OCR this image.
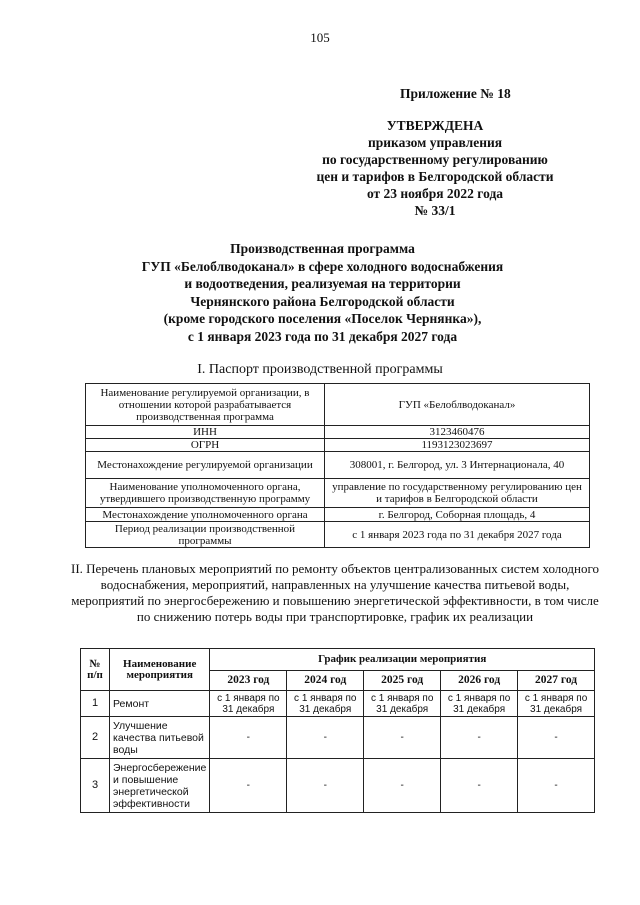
105
Приложение № 18
УТВЕРЖДЕНА
приказом управления
по государственному регулированию
цен и тарифов в Белгородской области
от 23 ноября 2022 года
№ 33/1
Производственная программа
ГУП «Белоблводоканал» в сфере холодного водоснабжения
и водоотведения, реализуемая на территории
Чернянского района Белгородской области
(кроме городского поселения «Поселок Чернянка»),
с 1 января 2023 года по 31 декабря 2027 года
I. Паспорт производственной программы
Наименование регулируемой организации, в отношении которой разрабатывается производственная программа	ГУП «Белоблводоканал»
ИНН	3123460476
ОГРН	1193123023697
Местонахождение регулируемой организации	308001, г. Белгород, ул. 3 Интернационала, 40
Наименование уполномоченного органа, утвердившего производственную программу	управление по государственному регулированию цен и тарифов в Белгородской области
Местонахождение уполномоченного органа	г. Белгород, Соборная площадь, 4
Период реализации производственной программы	с 1 января 2023 года по 31 декабря 2027 года
II. Перечень плановых мероприятий по ремонту объектов централизованных систем холодного водоснабжения, мероприятий, направленных на улучшение качества питьевой воды, мероприятий по энергосбережению и повышению энергетической эффективности, в том числе по снижению потерь воды при транспортировке, график их реализации
№ п/п	Наименование мероприятия	График реализации мероприятия				
		2023 год	2024 год	2025 год	2026 год	2027 год
1	Ремонт	с 1 января по 31 декабря	с 1 января по 31 декабря	с 1 января по 31 декабря	с 1 января по 31 декабря	с 1 января по 31 декабря
2	Улучшение качества питьевой воды	-	-	-	-	-
3	Энергосбережение и повышение энергетической эффективности	-	-	-	-	-
